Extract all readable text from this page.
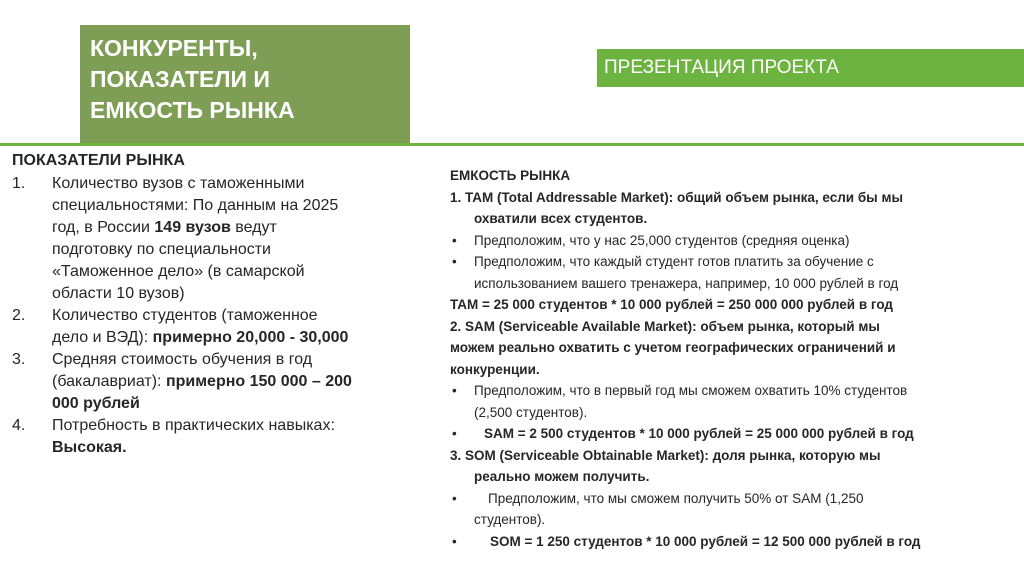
КОНКУРЕНТЫ,
ПОКАЗАТЕЛИ И
ЕМКОСТЬ РЫНКА
ПРЕЗЕНТАЦИЯ ПРОЕКТА
ПОКАЗАТЕЛИ РЫНКА
1.	Количество вузов с таможенными специальностями: По данным на 2025 год, в России 149 вузов ведут подготовку по специальности «Таможенное дело» (в самарской области 10 вузов)
2.	Количество студентов (таможенное дело и ВЭД): примерно 20,000 - 30,000
3.	Средняя стоимость обучения в год (бакалавриат): примерно 150 000 – 200 000 рублей
4.	Потребность в практических навыках: Высокая.
ЕМКОСТЬ РЫНКА
1. TAM (Total Addressable Market): общий объем рынка, если бы мы
охватили всех студентов.
• Предположим, что у нас 25,000 студентов (средняя оценка)
• Предположим, что каждый студент готов платить за обучение с
использованием вашего тренажера, например, 10 000 рублей в год
TAM = 25 000 студентов * 10 000 рублей = 250 000 000 рублей в год
2. SAM (Serviceable Available Market): объем рынка, который мы
можем реально охватить с учетом географических ограничений и
конкуренции.
• Предположим, что в первый год мы сможем охватить 10% студентов
(2,500 студентов).
• SAM = 2 500 студентов * 10 000 рублей = 25 000 000 рублей в год
3. SOM (Serviceable Obtainable Market): доля рынка, которую мы
реально можем получить.
• Предположим, что мы сможем получить 50% от SAM (1,250
студентов).
• SOM = 1 250 студентов * 10 000 рублей = 12 500 000 рублей в год
